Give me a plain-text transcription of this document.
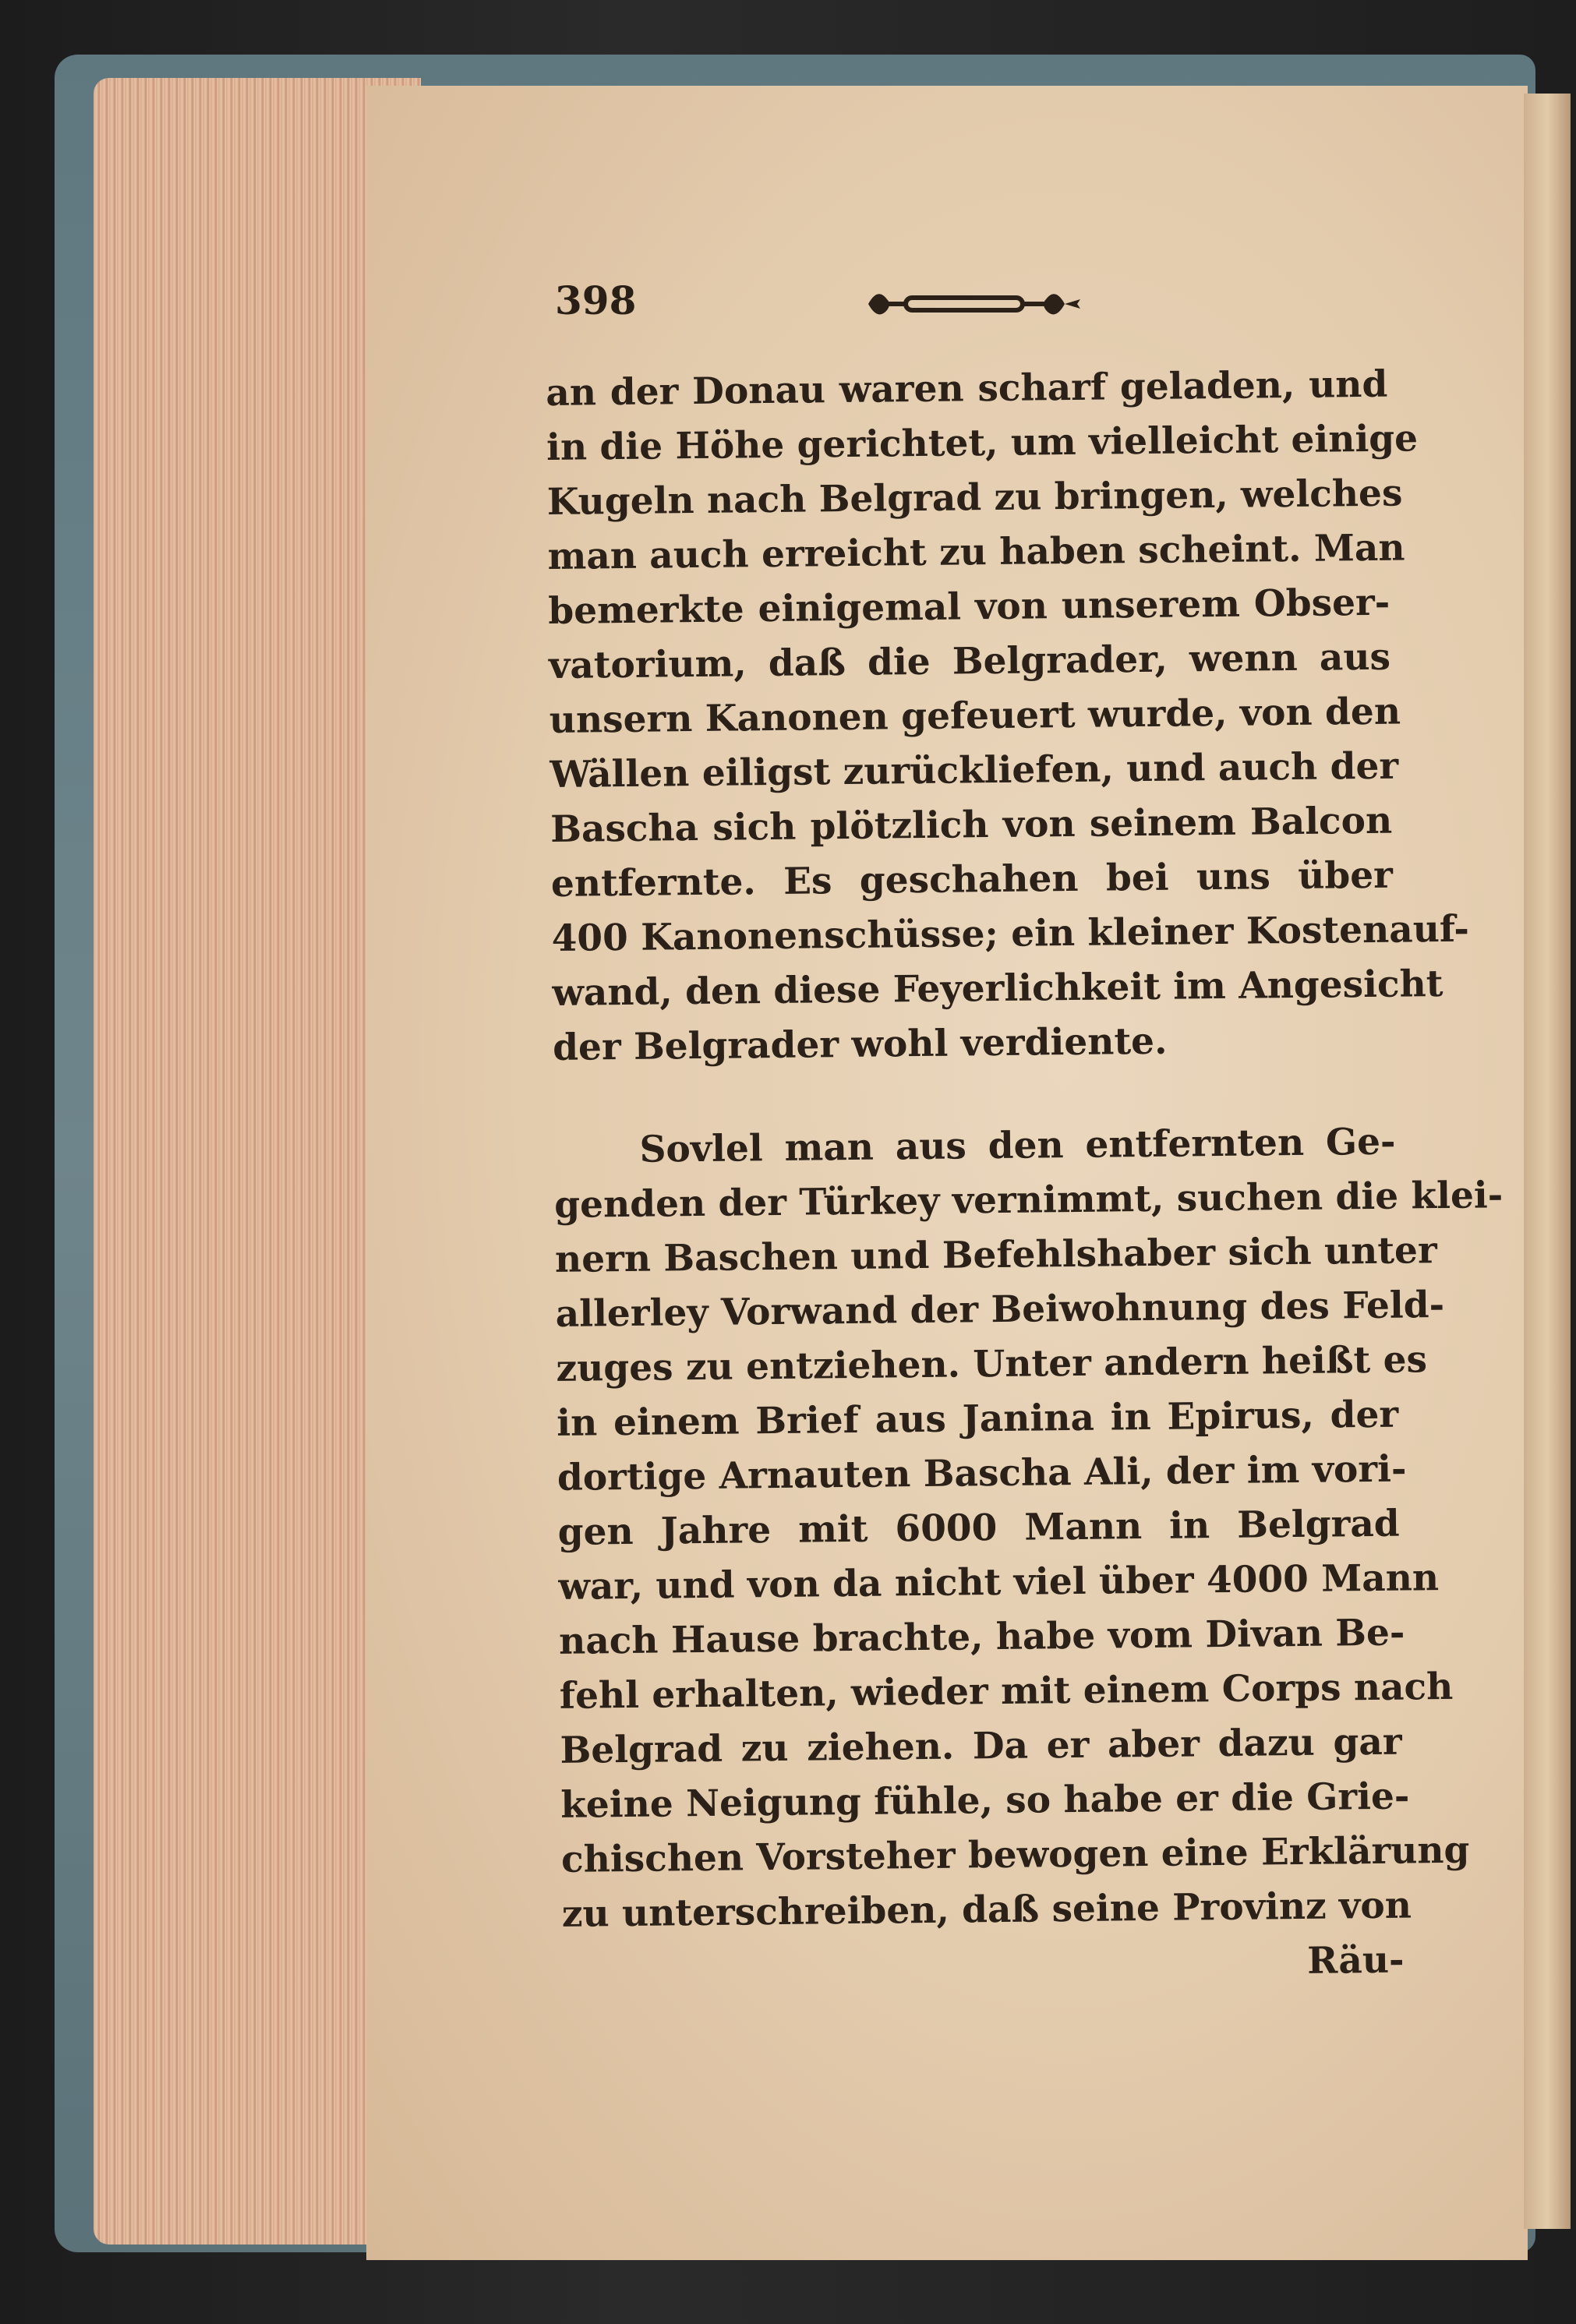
398
an der Donau waren scharf geladen, und
in die Höhe gerichtet, um vielleicht einige
Kugeln nach Belgrad zu bringen, welches
man auch erreicht zu haben scheint. Man
bemerkte einigemal von unserem Obser-
vatorium, daß die Belgrader, wenn aus
unsern Kanonen gefeuert wurde, von den
Wällen eiligst zurückliefen, und auch der
Bascha sich plötzlich von seinem Balcon
entfernte. Es geschahen bei uns über
400 Kanonenschüsse; ein kleiner Kostenauf-
wand, den diese Feyerlichkeit im Angesicht
der Belgrader wohl verdiente.
Sovlel man aus den entfernten Ge-
genden der Türkey vernimmt, suchen die klei-
nern Baschen und Befehlshaber sich unter
allerley Vorwand der Beiwohnung des Feld-
zuges zu entziehen. Unter andern heißt es
in einem Brief aus Janina in Epirus, der
dortige Arnauten Bascha Ali, der im vori-
gen Jahre mit 6000 Mann in Belgrad
war, und von da nicht viel über 4000 Mann
nach Hause brachte, habe vom Divan Be-
fehl erhalten, wieder mit einem Corps nach
Belgrad zu ziehen. Da er aber dazu gar
keine Neigung fühle, so habe er die Grie-
chischen Vorsteher bewogen eine Erklärung
zu unterschreiben, daß seine Provinz von
Räu-
